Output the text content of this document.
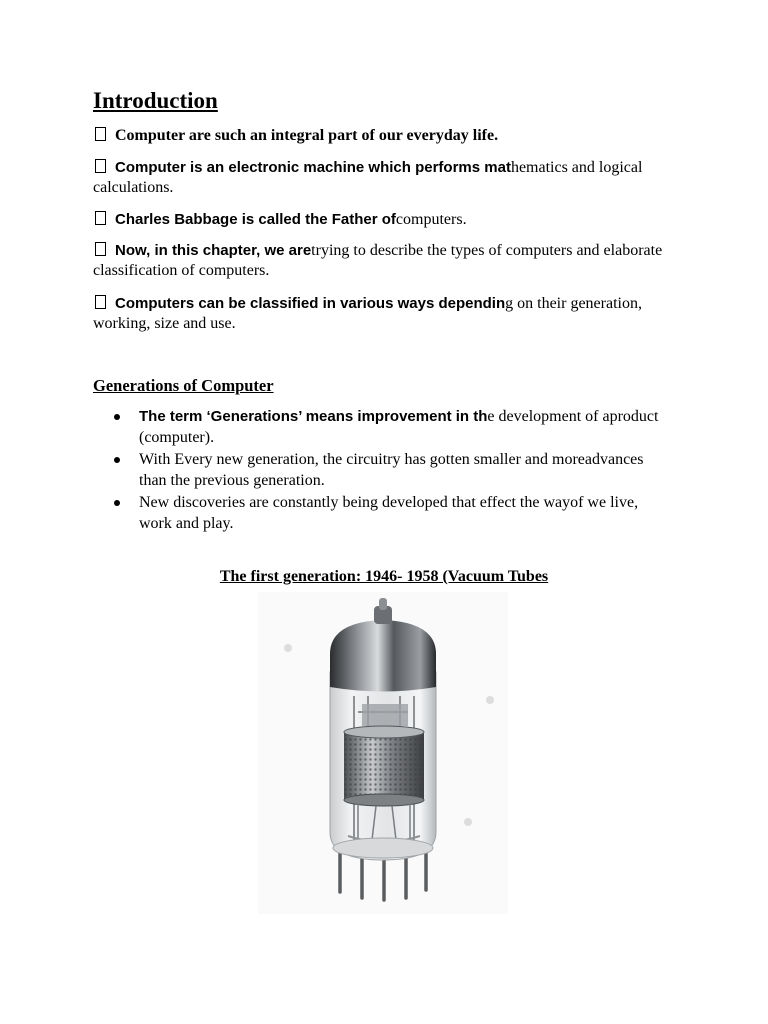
Introduction
Computer are such an integral part of our everyday life.
Computer is an electronic machine which performs mathematics and logical calculations.
Charles Babbage is called the Father ofcomputers.
Now, in this chapter, we aretrying to describe the types of computers and elaborate classification of computers.
Computers can be classified in various ways depending on their generation, working, size and use.
Generations of Computer
The term ‘Generations’ means improvement in the development of aproduct (computer).
With Every new generation, the circuitry has gotten smaller and moreadvances than the previous generation.
New discoveries are constantly being developed that effect the wayof we live, work and play.
The first generation: 1946- 1958 (Vacuum Tubes
